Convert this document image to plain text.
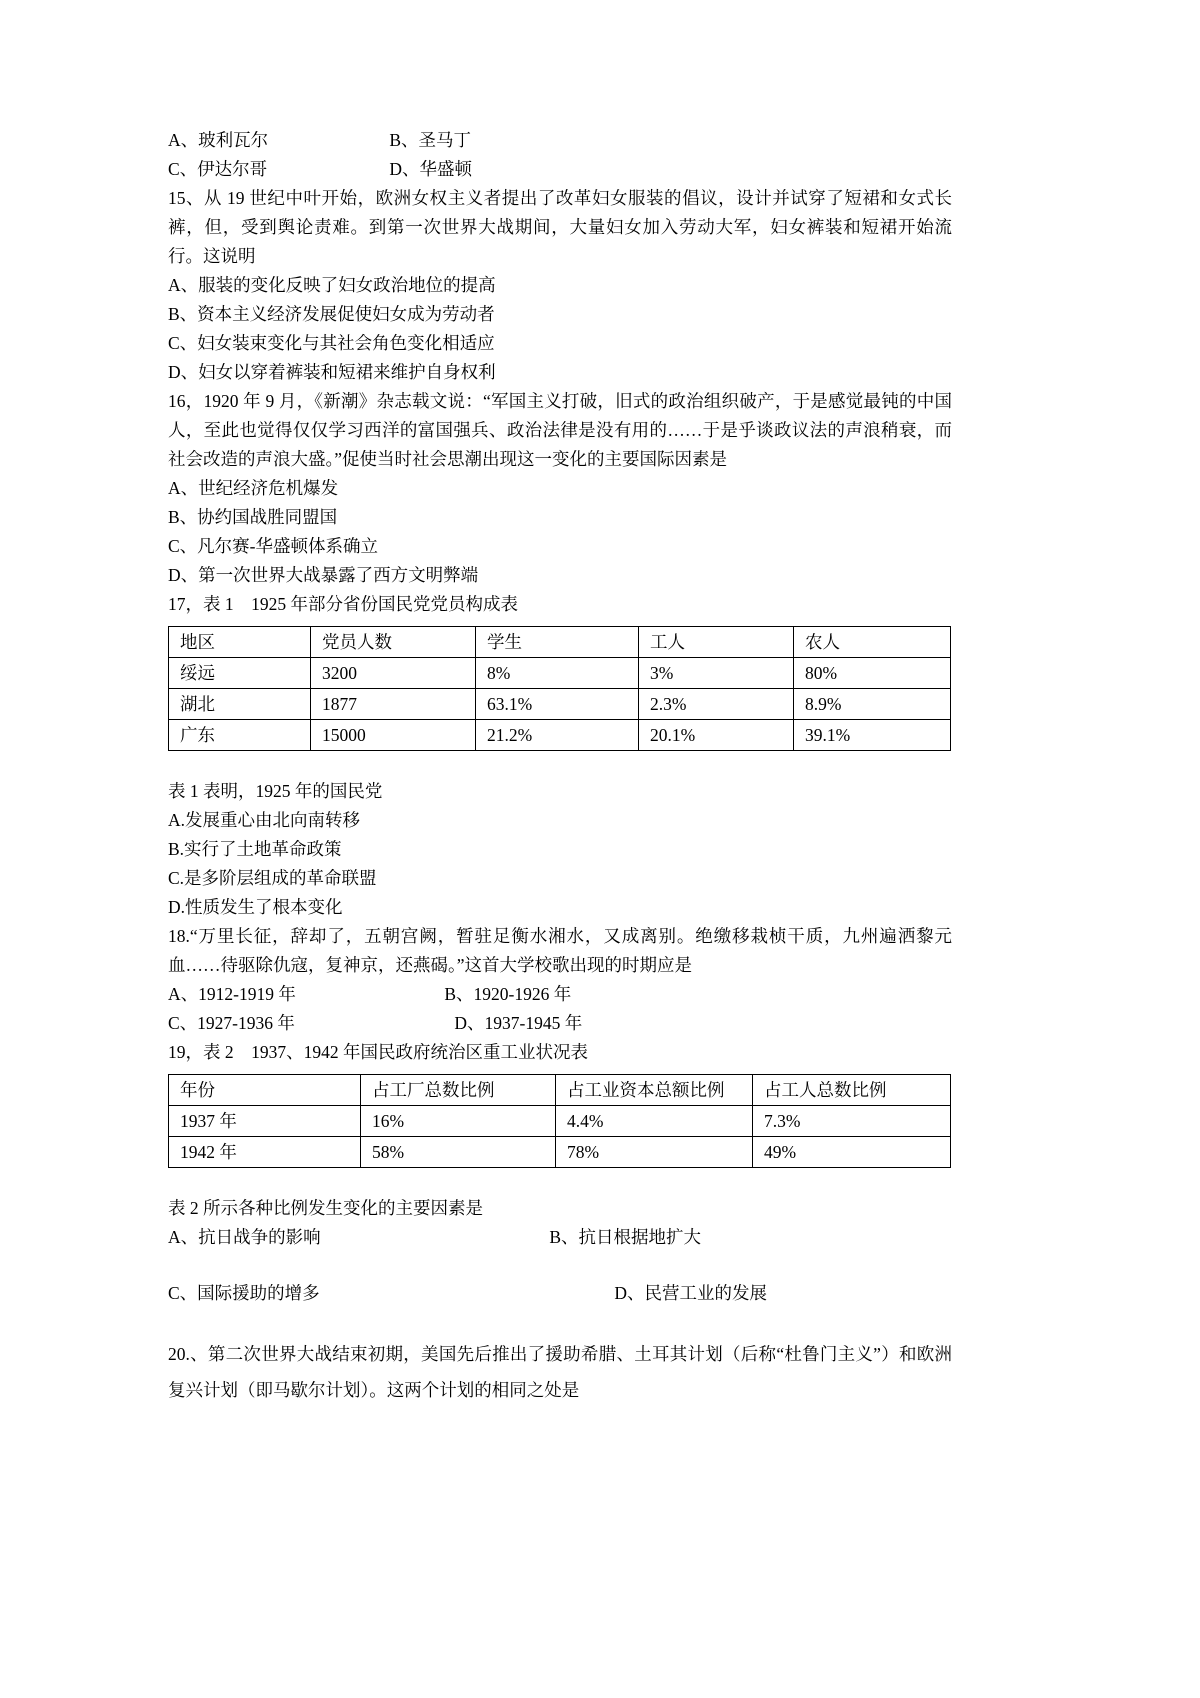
A、玻利瓦尔	B、圣马丁
C、伊达尔哥	D、华盛顿

15、从 19 世纪中叶开始，欧洲女权主义者提出了改革妇女服装的倡议，设计并试穿了短裙和女式长裤，但，受到舆论责难。到第一次世界大战期间，大量妇女加入劳动大军，妇女裤装和短裙开始流行。这说明

A、服装的变化反映了妇女政治地位的提高

B、资本主义经济发展促使妇女成为劳动者

C、妇女装束变化与其社会角色变化相适应

D、妇女以穿着裤装和短裙来维护自身权利

16，1920 年 9 月，《新潮》杂志载文说：“军国主义打破，旧式的政治组织破产，于是感觉最钝的中国人，至此也觉得仅仅学习西洋的富国强兵、政治法律是没有用的……于是乎谈政议法的声浪稍衰，而社会改造的声浪大盛。”促使当时社会思潮出现这一变化的主要国际因素是

A、世纪经济危机爆发

B、协约国战胜同盟国

C、凡尔赛-华盛顿体系确立

D、第一次世界大战暴露了西方文明弊端

17，表 1　1925 年部分省份国民党党员构成表

地区	党员人数	学生	工人	农人
绥远	3200	8%	3%	80%
湖北	1877	63.1%	2.3%	8.9%
广东	15000	21.2%	20.1%	39.1%

表 1 表明，1925 年的国民党

A.发展重心由北向南转移

B.实行了土地革命政策

C.是多阶层组成的革命联盟

D.性质发生了根本变化

18.“万里长征，辞却了，五朝宫阙，暂驻足衡水湘水，又成离别。绝缴移栽桢干质，九州遍洒黎元血……待驱除仇寇，复神京，还燕碣。”这首大学校歌出现的时期应是

A、1912-1919 年	B、1920-1926 年
C、1927-1936 年	D、1937-1945 年

19，表 2　1937、1942 年国民政府统治区重工业状况表

年份	占工厂总数比例	占工业资本总额比例	占工人总数比例
1937 年	16%	4.4%	7.3%
1942 年	58%	78%	49%

表 2 所示各种比例发生变化的主要因素是

A、抗日战争的影响	B、抗日根据地扩大
C、国际援助的增多	D、民营工业的发展

20.、第二次世界大战结束初期，美国先后推出了援助希腊、土耳其计划（后称“杜鲁门主义”）和欧洲复兴计划（即马歇尔计划）。这两个计划的相同之处是
